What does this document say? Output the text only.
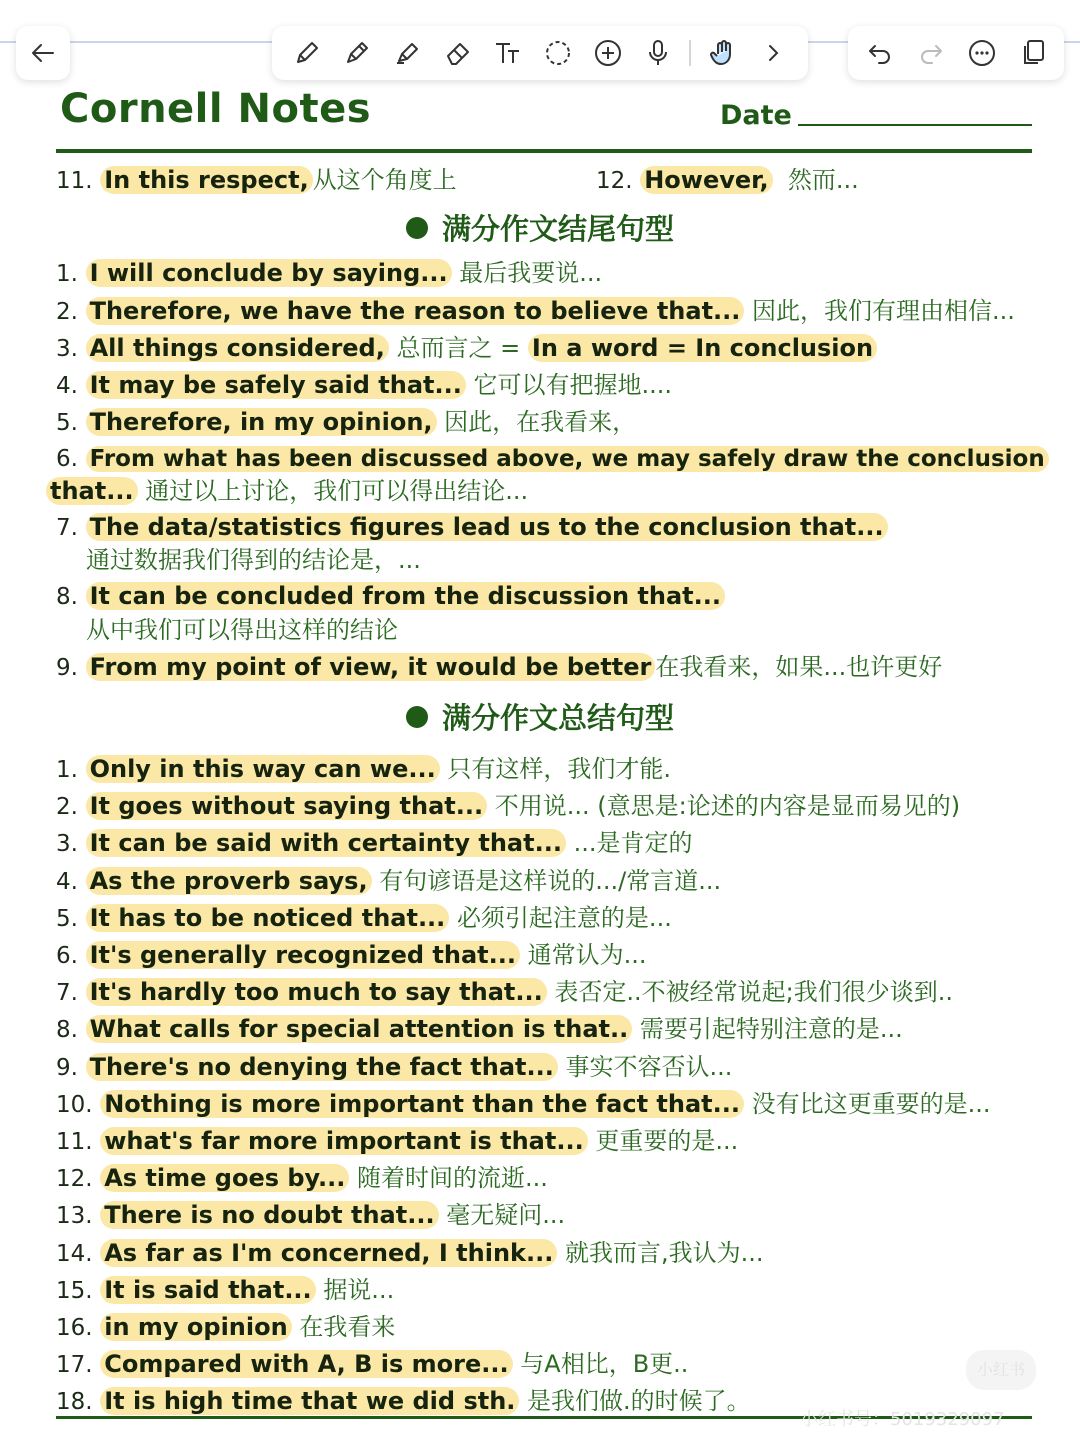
Cornell Notes	Date
11. In this respect, 从这个角度上	12. However, 然而...
满分作文结尾句型
1. I will conclude by saying... 最后我要说...
2. Therefore, we have the reason to believe that... 因此，我们有理由相信...
3. All things considered, 总而言之 = In a word = In conclusion
4. It may be safely said that... 它可以有把握地....
5. Therefore, in my opinion, 因此，在我看来，
6. From what has been discussed above, we may safely draw the conclusion
that... 通过以上讨论，我们可以得出结论...
7. The data/statistics figures lead us to the conclusion that...
通过数据我们得到的结论是，...
8. It can be concluded from the discussion that...
从中我们可以得出这样的结论
9. From my point of view, it would be better 在我看来，如果...也许更好
满分作文总结句型
1. Only in this way can we... 只有这样，我们才能.
2. It goes without saying that... 不用说... (意思是:论述的内容是显而易见的)
3. It can be said with certainty that... ...是肯定的
4. As the proverb says, 有句谚语是这样说的.../常言道...
5. It has to be noticed that... 必须引起注意的是...
6. It's generally recognized that... 通常认为...
7. It's hardly too much to say that... 表否定..不被经常说起;我们很少谈到..
8. What calls for special attention is that.. 需要引起特别注意的是...
9. There's no denying the fact that... 事实不容否认...
10. Nothing is more important than the fact that... 没有比这更重要的是...
11. what's far more important is that... 更重要的是...
12. As time goes by... 随着时间的流逝...
13. There is no doubt that... 毫无疑问...
14. As far as I'm concerned, I think... 就我而言,我认为...
15. It is said that... 据说...
16. in my opinion 在我看来
17. Compared with A, B is more... 与A相比，B更..
18. It is high time that we did sth. 是我们做.的时候了。
小红书
小红书号：5019329097
